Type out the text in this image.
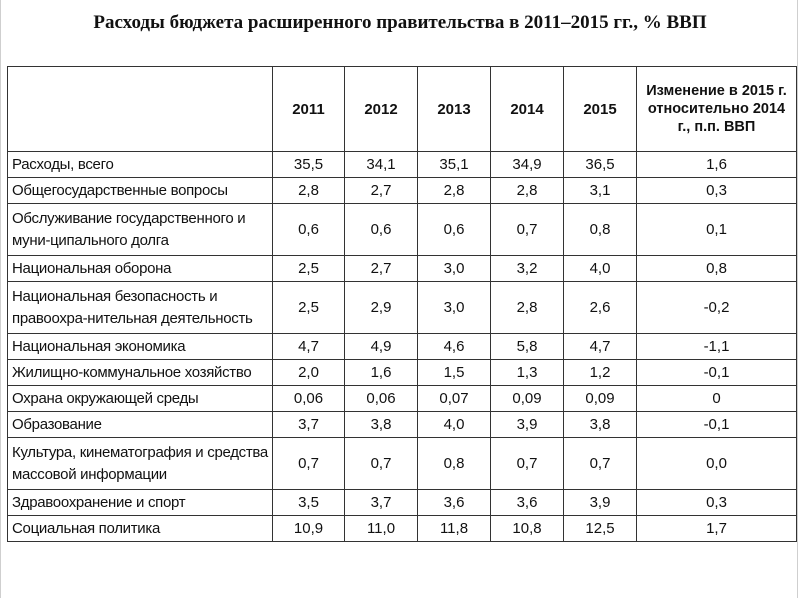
Расходы бюджета расширенного правительства в 2011–2015 гг., % ВВП
	2011	2012	2013	2014	2015	Изменение в 2015 г. относительно 2014 г., п.п. ВВП
Расходы, всего	35,5	34,1	35,1	34,9	36,5	1,6
Общегосударственные вопросы	2,8	2,7	2,8	2,8	3,1	0,3
Обслуживание государственного и муни-ципального долга	0,6	0,6	0,6	0,7	0,8	0,1
Национальная оборона	2,5	2,7	3,0	3,2	4,0	0,8
Национальная безопасность и правоохра-нительная деятельность	2,5	2,9	3,0	2,8	2,6	-0,2
Национальная экономика	4,7	4,9	4,6	5,8	4,7	-1,1
Жилищно-коммунальное хозяйство	2,0	1,6	1,5	1,3	1,2	-0,1
Охрана окружающей среды	0,06	0,06	0,07	0,09	0,09	0
Образование	3,7	3,8	4,0	3,9	3,8	-0,1
Культура, кинематография и средства массовой информации	0,7	0,7	0,8	0,7	0,7	0,0
Здравоохранение и спорт	3,5	3,7	3,6	3,6	3,9	0,3
Социальная политика	10,9	11,0	11,8	10,8	12,5	1,7
